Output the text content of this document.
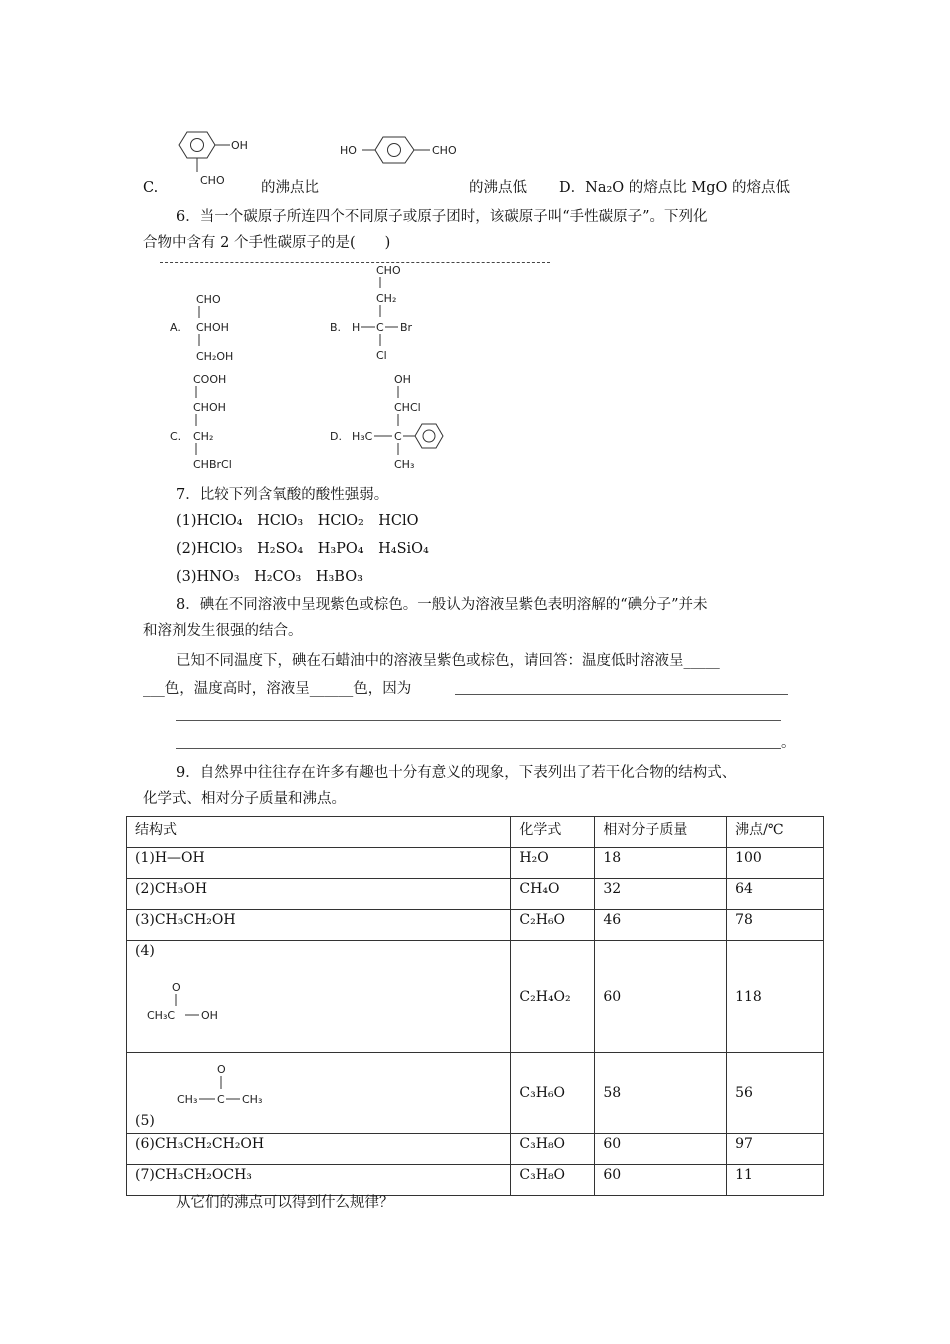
C.
OH
CHO	的沸点比
HO	CHO
的沸点低 D．Na₂O 的熔点比 MgO 的熔点低
6．当一个碳原子所连四个不同原子或原子团时，该碳原子叫“手性碳原子”。下列化
合物中含有 2 个手性碳原子的是(　　)
CHO
A. CHOH
CH₂OH
CHO
CH₂
B. H C Br
Cl
COOH
CHOH
C. CH₂
CHBrCl
OH
CHCl
D. H₃C C
CH₃
7．比较下列含氧酸的酸性强弱。
(1)HClO₄　HClO₃　HClO₂　HClO
(2)HClO₃　H₂SO₄　H₃PO₄　H₄SiO₄
(3)HNO₃　H₂CO₃　H₃BO₃
8．碘在不同溶液中呈现紫色或棕色。一般认为溶液呈紫色表明溶解的“碘分子”并未
和溶剂发生很强的结合。
已知不同温度下，碘在石蜡油中的溶液呈紫色或棕色，请回答：温度低时溶液呈_____
___色，温度高时，溶液呈______色，因为
。
9．自然界中往往存在许多有趣也十分有意义的现象，下表列出了若干化合物的结构式、
化学式、相对分子质量和沸点。
结构式	化学式	相对分子质量	沸点/℃
(1)H—OH	H₂O	18	100
(2)CH₃OH	CH₄O	32	64
(3)CH₃CH₂OH	C₂H₆O	46	78

(4)
O
CH₃C OH	C₂H₄O₂	60	118

O
CH₃ C CH₃
(5)	C₃H₆O	58	56
(6)CH₃CH₂CH₂OH	C₃H₈O	60	97
(7)CH₃CH₂OCH₃	C₃H₈O	60	11
从它们的沸点可以得到什么规律？
